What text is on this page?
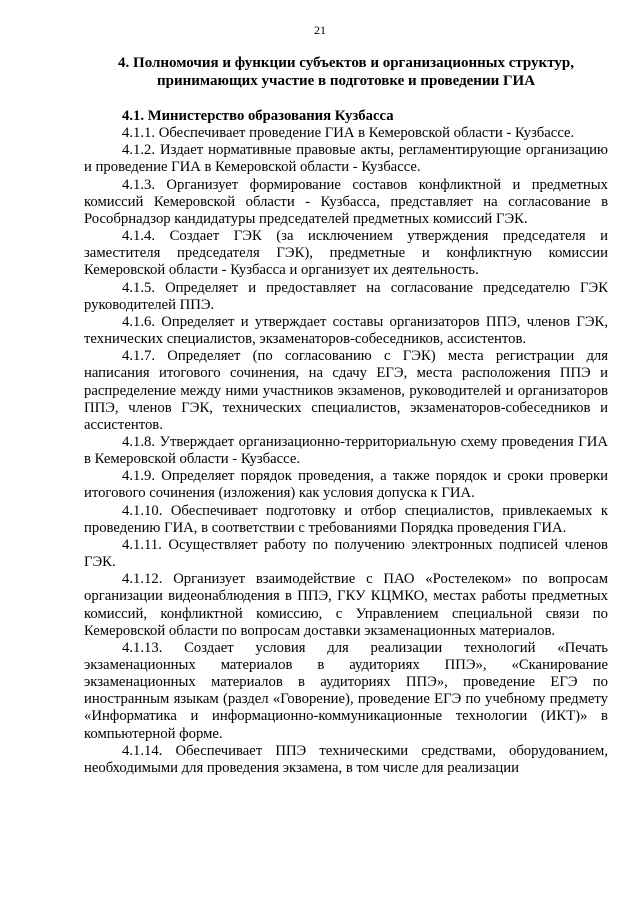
21
4. Полномочия и функции субъектов и организационных структур, принимающих участие в подготовке и проведении ГИА

4.1. Министерство образования Кузбасса

4.1.1. Обеспечивает проведение ГИА в Кемеровской области - Кузбассе.

4.1.2. Издает нормативные правовые акты, регламентирующие организацию и проведение ГИА в Кемеровской области - Кузбассе.

4.1.3. Организует формирование составов конфликтной и предметных комиссий Кемеровской области - Кузбасса, представляет на согласование в Рособрнадзор кандидатуры председателей предметных комиссий ГЭК.

4.1.4. Создает ГЭК (за исключением утверждения председателя и заместителя председателя ГЭК), предметные и конфликтную комиссии Кемеровской области - Кузбасса и организует их деятельность.

4.1.5. Определяет и предоставляет на согласование председателю ГЭК руководителей ППЭ.

4.1.6. Определяет и утверждает составы организаторов ППЭ, членов ГЭК, технических специалистов, экзаменаторов-собеседников, ассистентов.

4.1.7. Определяет (по согласованию с ГЭК) места регистрации для написания итогового сочинения, на сдачу ЕГЭ, места расположения ППЭ и распределение между ними участников экзаменов, руководителей и организаторов ППЭ, членов ГЭК, технических специалистов, экзаменаторов-собеседников и ассистентов.

4.1.8. Утверждает организационно-территориальную схему проведения ГИА в Кемеровской области - Кузбассе.

4.1.9. Определяет порядок проведения, а также порядок и сроки проверки итогового сочинения (изложения) как условия допуска к ГИА.

4.1.10. Обеспечивает подготовку и отбор специалистов, привлекаемых к проведению ГИА, в соответствии с требованиями Порядка проведения ГИА.

4.1.11. Осуществляет работу по получению электронных подписей членов ГЭК.

4.1.12. Организует взаимодействие с ПАО «Ростелеком» по вопросам организации видеонаблюдения в ППЭ, ГКУ КЦМКО, местах работы предметных комиссий, конфликтной комиссию, с Управлением специальной связи по Кемеровской области по вопросам доставки экзаменационных материалов.

4.1.13. Создает условия для реализации технологий «Печать экзаменационных материалов в аудиториях ППЭ», «Сканирование экзаменационных материалов в аудиториях ППЭ», проведение ЕГЭ по иностранным языкам (раздел «Говорение), проведение ЕГЭ по учебному предмету «Информатика и информационно-коммуникационные технологии (ИКТ)» в компьютерной форме.

4.1.14. Обеспечивает ППЭ техническими средствами, оборудованием, необходимыми для проведения экзамена, в том числе для реализации
